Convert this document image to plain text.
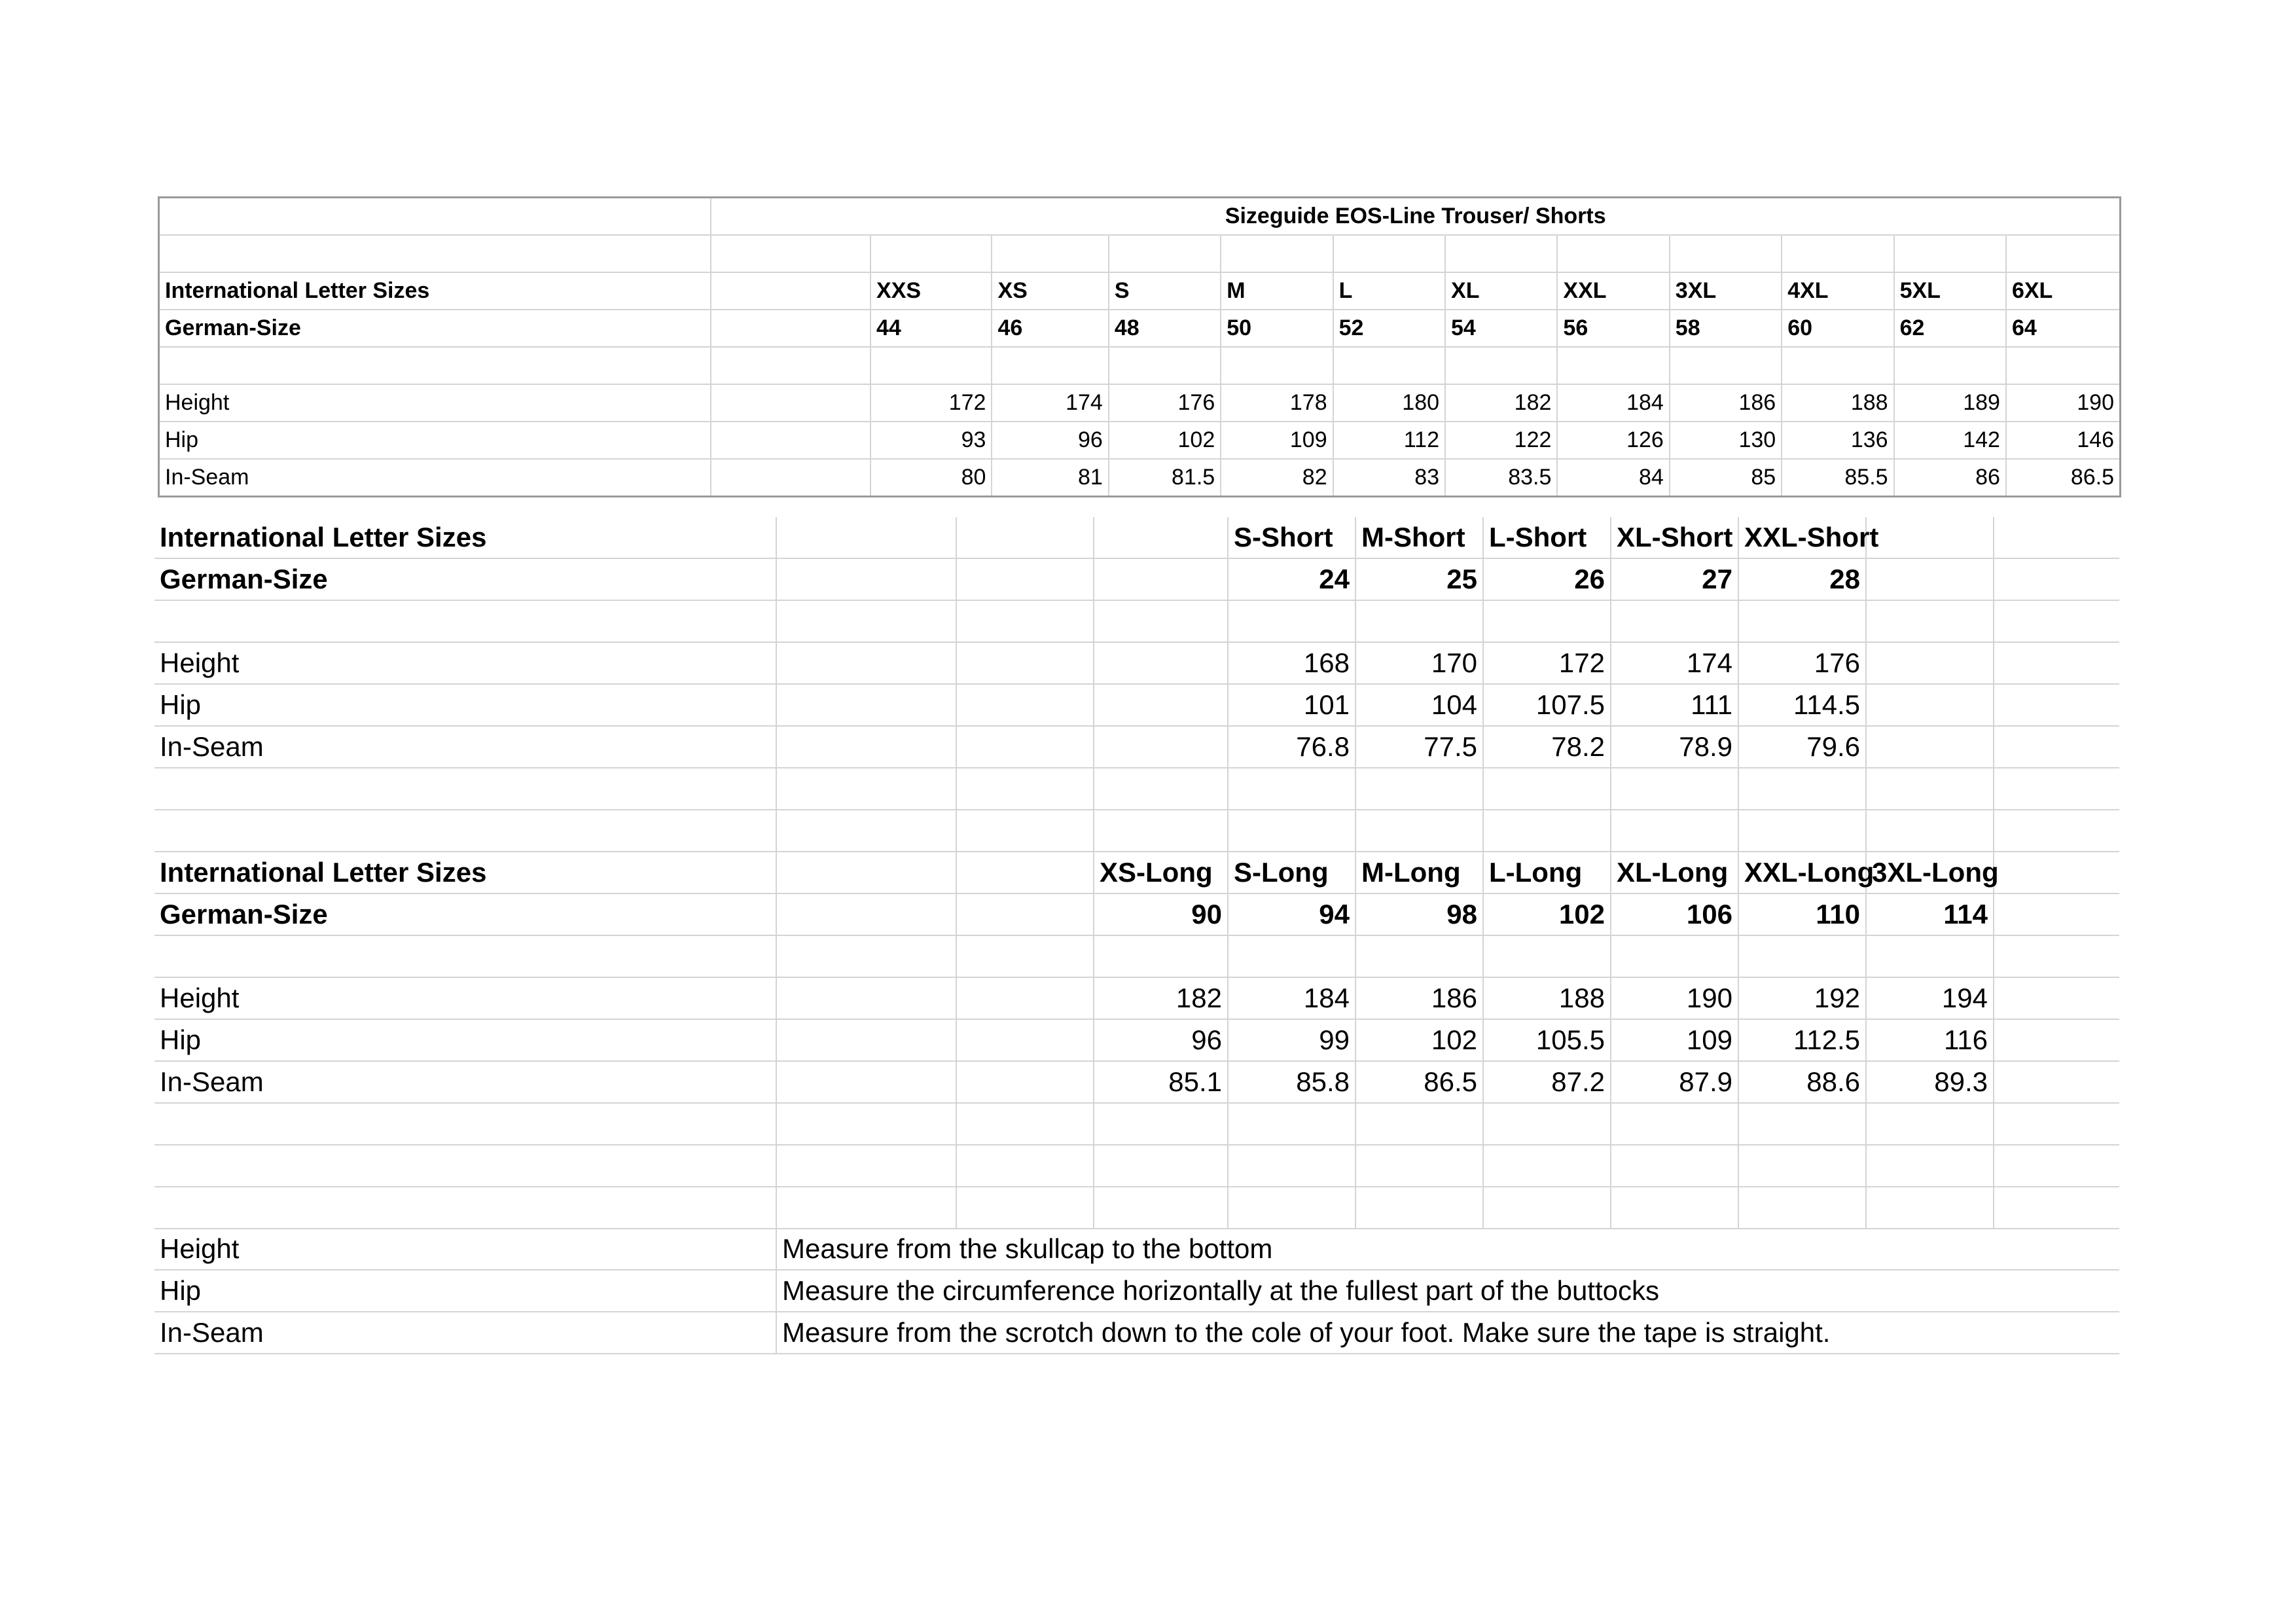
	Sizeguide EOS-Line Trouser/ Shorts											

International Letter Sizes		XXS	XS	S	M	L	XL	XXL	3XL	4XL	5XL	6XL
German-Size		44	46	48	50	52	54	56	58	60	62	64

Height		172	174	176	178	180	182	184	186	188	189	190
Hip		93	96	102	109	112	122	126	130	136	142	146
In-Seam		80	81	81.5	82	83	83.5	84	85	85.5	86	86.5
International Letter Sizes				S-Short	M-Short	L-Short	XL-Short	XXL-Short		
German-Size				24	25	26	27	28		

Height				168	170	172	174	176		
Hip				101	104	107.5	111	114.5		
In-Seam				76.8	77.5	78.2	78.9	79.6		

International Letter Sizes			XS-Long	S-Long	M-Long	L-Long	XL-Long	XXL-Long	3XL-Long	
German-Size			90	94	98	102	106	110	114	

Height			182	184	186	188	190	192	194	
Hip			96	99	102	105.5	109	112.5	116	
In-Seam			85.1	85.8	86.5	87.2	87.9	88.6	89.3	

Height	Measure from the skullcap to the bottom
Hip	Measure the circumference horizontally at the fullest part of the buttocks
In-Seam	Measure from the scrotch down to the cole of your foot. Make sure the tape is straight.
